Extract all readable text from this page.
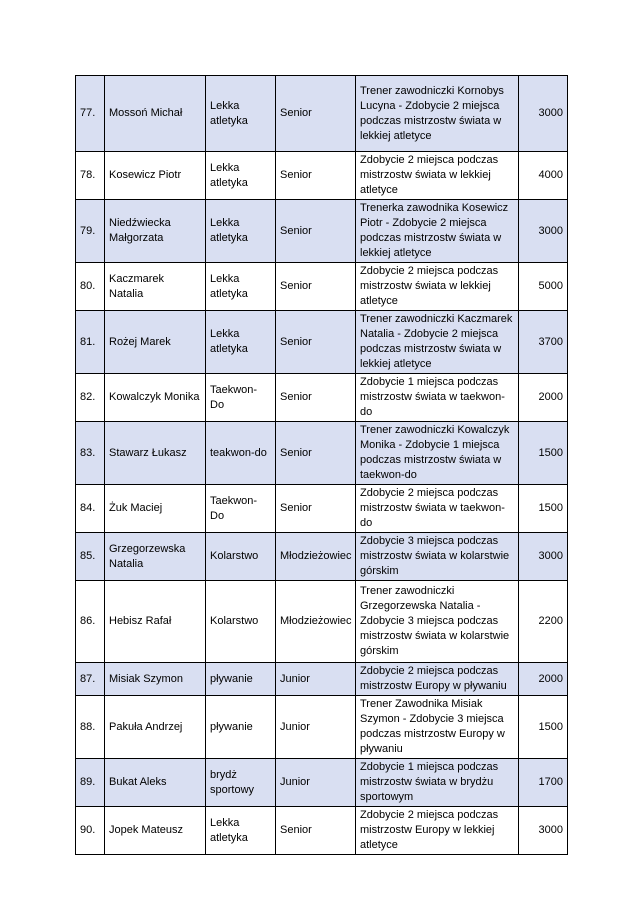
77.	Mossoń Michał	Lekka atletyka	Senior	Trener zawodniczki Kornobys Lucyna - Zdobycie 2 miejsca podczas mistrzostw świata w lekkiej atletyce	3000
78.	Kosewicz Piotr	Lekka atletyka	Senior	Zdobycie 2 miejsca podczas mistrzostw świata w lekkiej atletyce	4000
79.	Niedźwiecka Małgorzata	Lekka atletyka	Senior	Trenerka zawodnika Kosewicz Piotr - Zdobycie 2 miejsca podczas mistrzostw świata w lekkiej atletyce	3000
80.	Kaczmarek Natalia	Lekka atletyka	Senior	Zdobycie 2 miejsca podczas mistrzostw świata w lekkiej atletyce	5000
81.	Rożej Marek	Lekka atletyka	Senior	Trener zawodniczki Kaczmarek Natalia - Zdobycie 2 miejsca podczas mistrzostw świata w lekkiej atletyce	3700
82.	Kowalczyk Monika	Taekwon-Do	Senior	Zdobycie 1 miejsca podczas mistrzostw świata w taekwon-do	2000
83.	Stawarz Łukasz	teakwon-do	Senior	Trener zawodniczki Kowalczyk Monika - Zdobycie 1 miejsca podczas mistrzostw świata w taekwon-do	1500
84.	Żuk Maciej	Taekwon-Do	Senior	Zdobycie 2 miejsca podczas mistrzostw świata w taekwon-do	1500
85.	Grzegorzewska Natalia	Kolarstwo	Młodzieżowiec	Zdobycie 3 miejsca podczas mistrzostw świata w kolarstwie górskim	3000
86.	Hebisz Rafał	Kolarstwo	Młodzieżowiec	Trener zawodniczki Grzegorzewska Natalia - Zdobycie 3 miejsca podczas mistrzostw świata w kolarstwie górskim	2200
87.	Misiak Szymon	pływanie	Junior	Zdobycie 2 miejsca podczas mistrzostw Europy w pływaniu	2000
88.	Pakuła Andrzej	pływanie	Junior	Trener Zawodnika Misiak Szymon - Zdobycie 3 miejsca podczas mistrzostw Europy w pływaniu	1500
89.	Bukat Aleks	brydż sportowy	Junior	Zdobycie 1 miejsca podczas mistrzostw świata w brydżu sportowym	1700
90.	Jopek Mateusz	Lekka atletyka	Senior	Zdobycie 2 miejsca podczas mistrzostw Europy w lekkiej atletyce	3000
